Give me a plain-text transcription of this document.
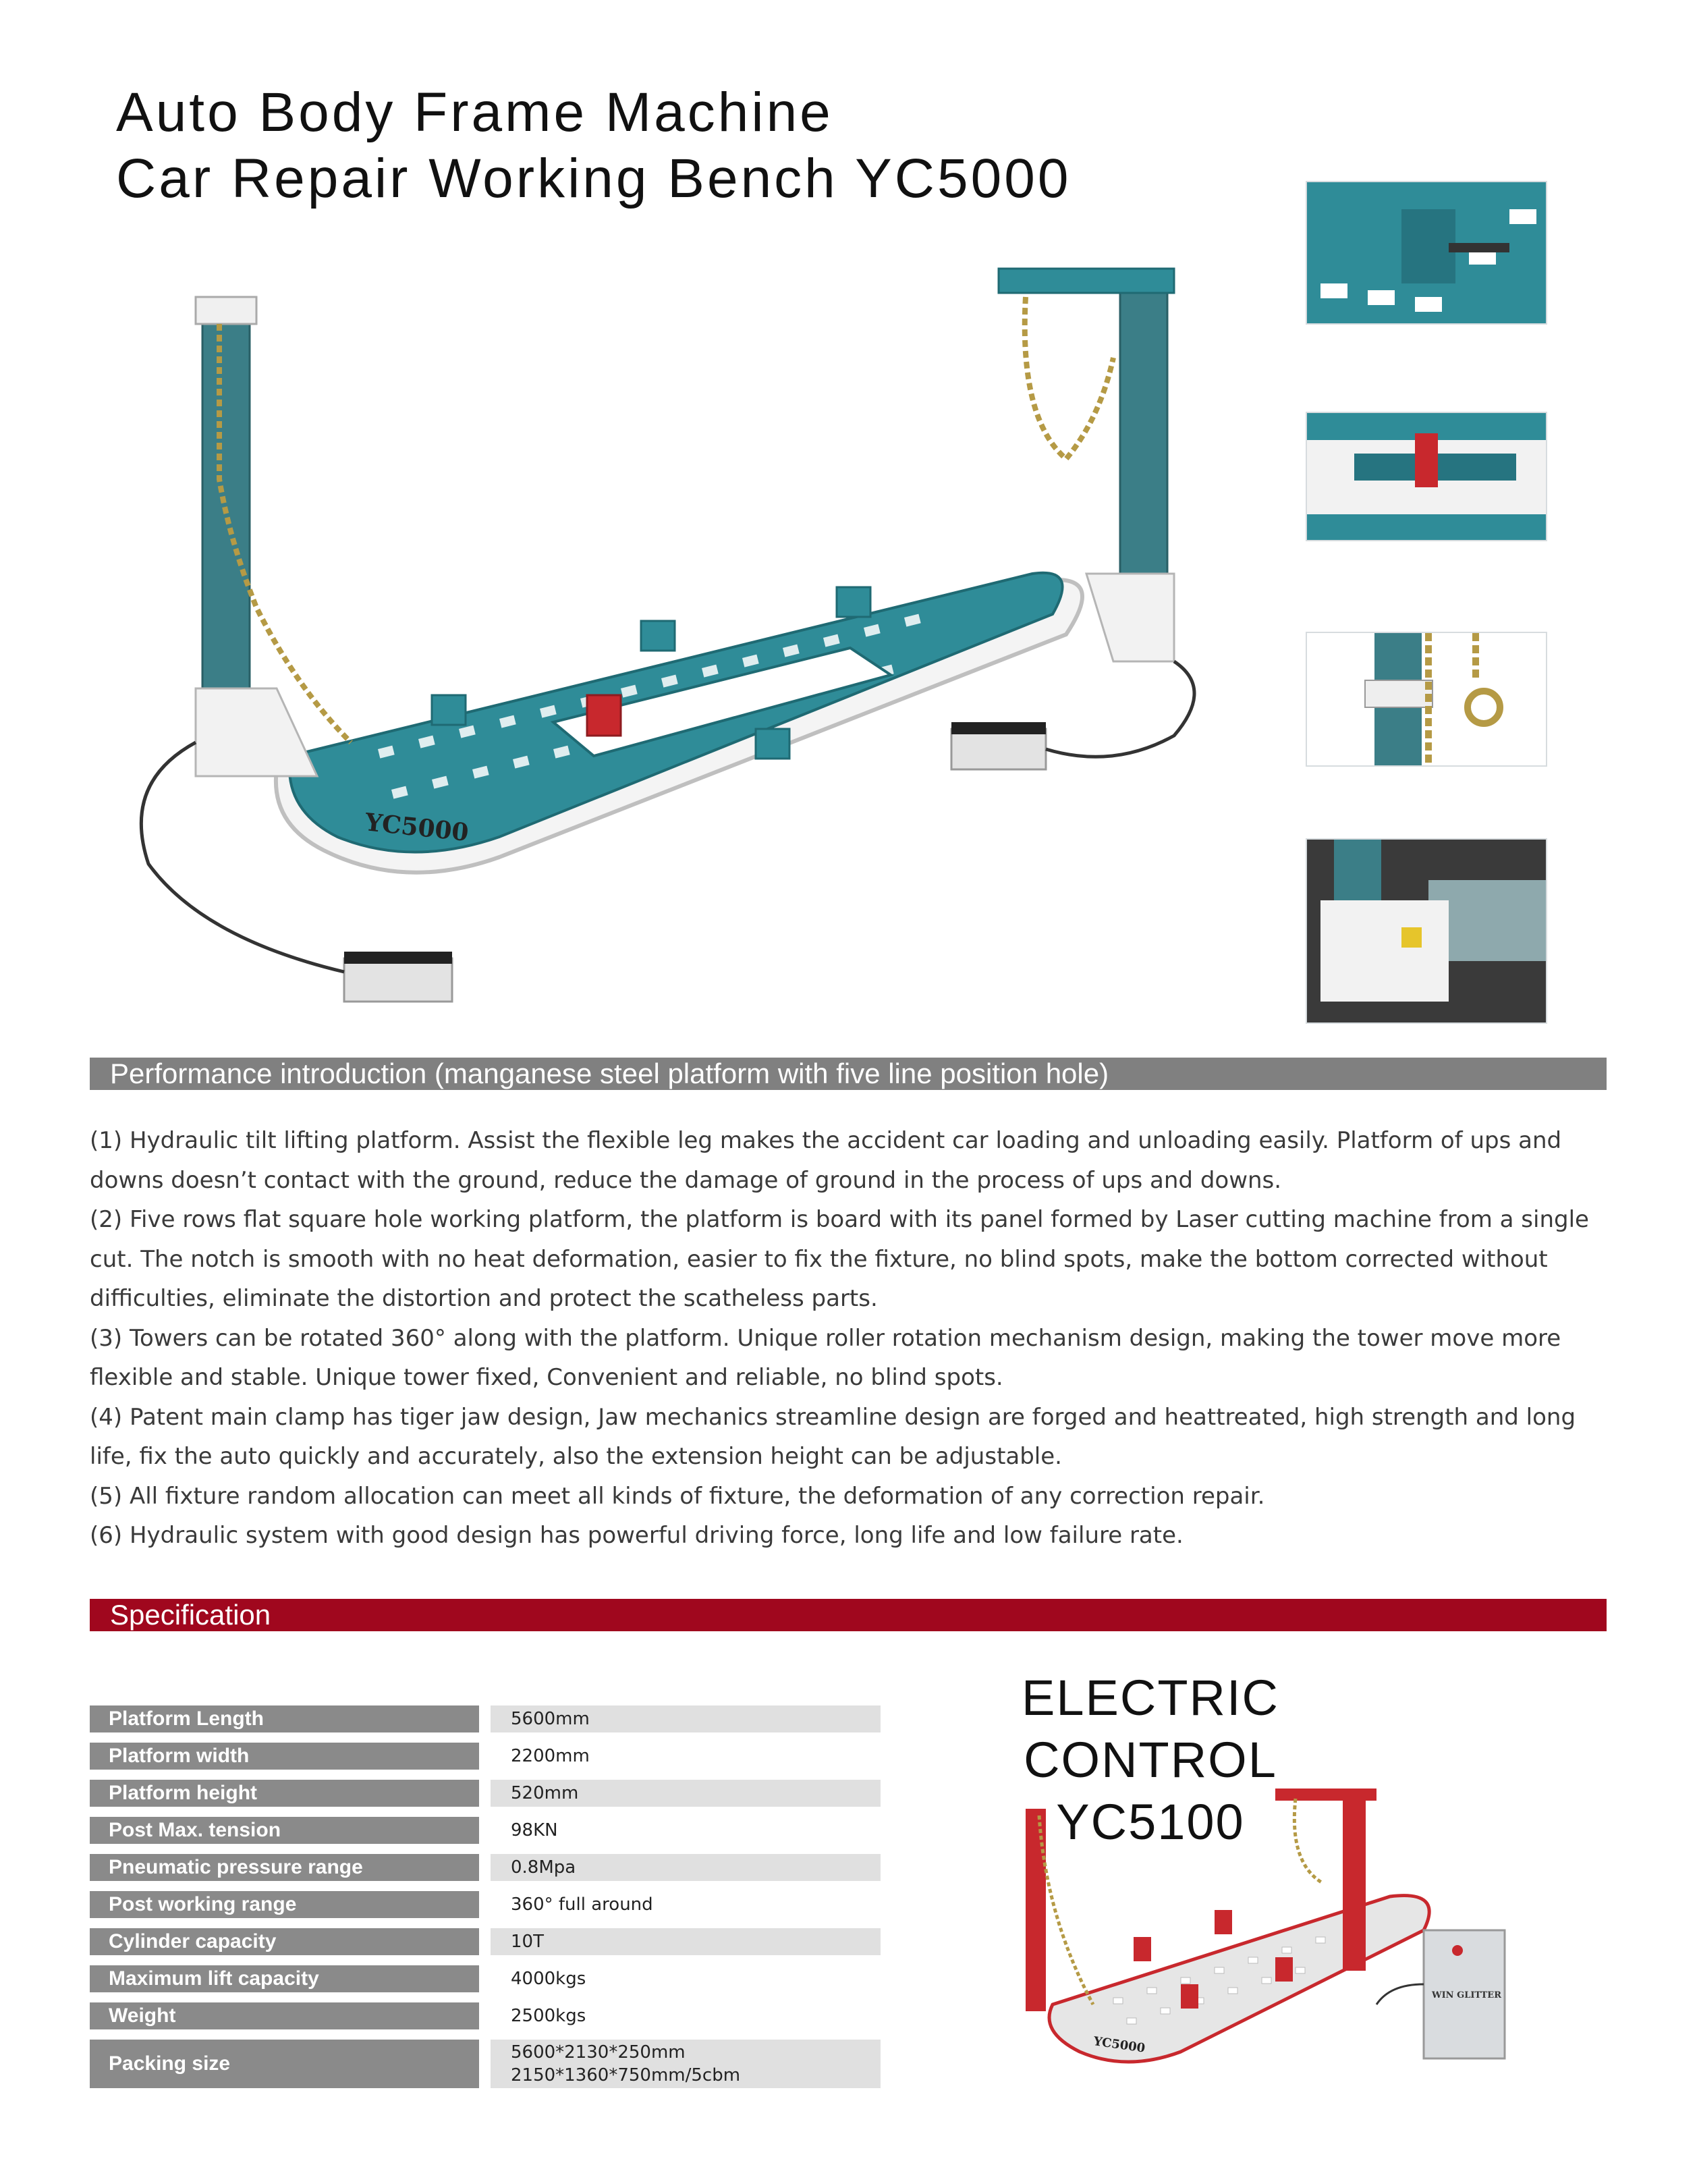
Auto Body Frame Machine
Car Repair Working Bench YC5000
YC5000
Performance introduction (manganese steel platform with five line position hole)

(1) Hydraulic tilt lifting platform. Assist the flexible leg makes the accident car loading and unloading easily. Platform of ups and downs doesn’t contact with the ground, reduce the damage of ground in the process of ups and downs.

(2) Five rows flat square hole working platform, the platform is board with its panel formed by Laser cutting machine from a single cut. The notch is smooth with no heat deformation, easier to fix the fixture, no blind spots, make the bottom corrected without difficulties, eliminate the distortion and protect the scatheless parts.

(3) Towers can be rotated 360° along with the platform. Unique roller rotation mechanism design, making the tower move more flexible and stable. Unique tower fixed, Convenient and reliable, no blind spots.

(4) Patent main clamp has tiger jaw design, Jaw mechanics streamline design are forged and heattreated, high strength and long life, fix the auto quickly and accurately, also the extension height can be adjustable.

(5) All fixture random allocation can meet all kinds of fixture, the deformation of any correction repair.

(6) Hydraulic system with good design has powerful driving force, long life and low failure rate.

Specification
Platform Length	5600mm
Platform width	2200mm
Platform height	520mm
Post Max. tension	98KN
Pneumatic pressure range	0.8Mpa
Post working range	360° full around
Cylinder capacity	10T
Maximum lift capacity	4000kgs
Weight	2500kgs
Packing size	5600*2130*250mm
2150*1360*750mm/5cbm
ELECTRIC CONTROL
YC5100
WIN GLITTER
YC5000
